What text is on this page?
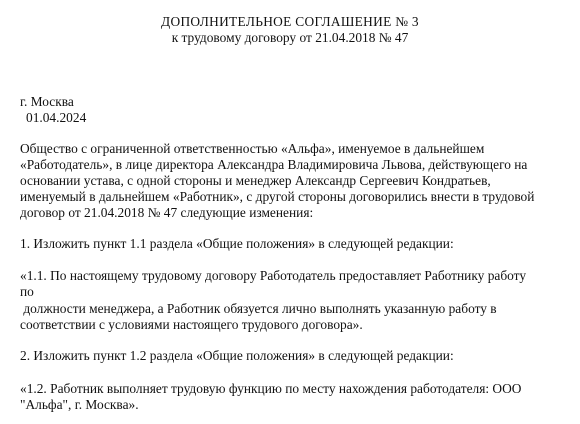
ДОПОЛНИТЕЛЬНОЕ СОГЛАШЕНИЕ № 3
к трудовому договору от 21.04.2018 № 47
г. Москва
01.04.2024
Общество с ограниченной ответственностью «Альфа», именуемое в дальнейшем
«Работодатель», в лице директора Александра Владимировича Львова, действующего на
основании устава, с одной стороны и менеджер Александр Сергеевич Кондратьев,
именуемый в дальнейшем «Работник», с другой стороны договорились внести в трудовой
договор от 21.04.2018 № 47 следующие изменения:
1. Изложить пункт 1.1 раздела «Общие положения» в следующей редакции:
«1.1. По настоящему трудовому договору Работодатель предоставляет Работнику работу
по
должности менеджера, а Работник обязуется лично выполнять указанную работу в
соответствии с условиями настоящего трудового договора».
2. Изложить пункт 1.2 раздела «Общие положения» в следующей редакции:
«1.2. Работник выполняет трудовую функцию по месту нахождения работодателя: ООО
"Альфа", г. Москва».
